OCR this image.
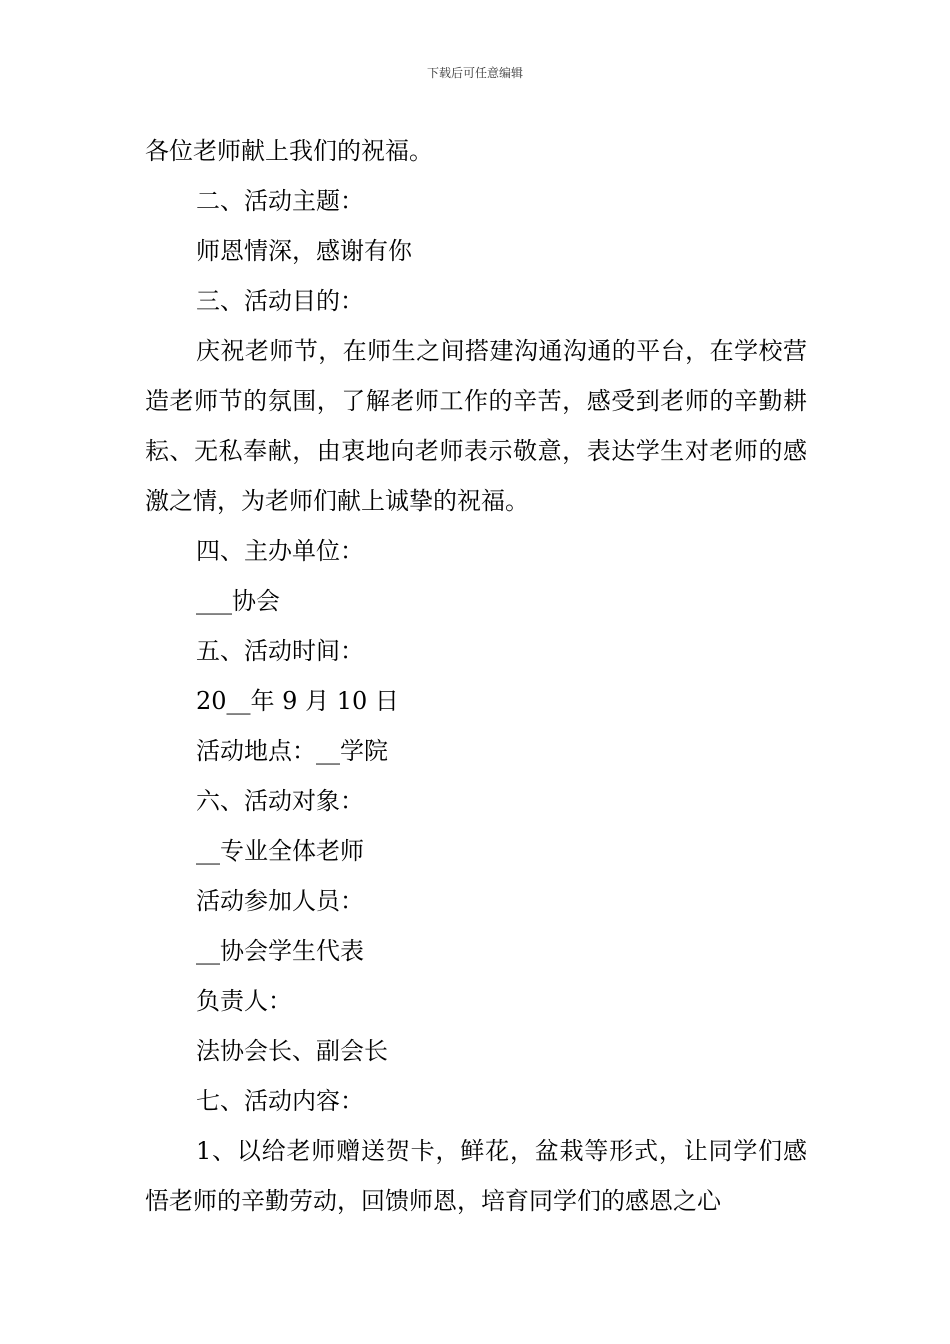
下载后可任意编辑
各位老师献上我们的祝福。
二、活动主题：
师恩情深，感谢有你
三、活动目的：

庆祝老师节，在师生之间搭建沟通沟通的平台，在学校营造老师节的氛围，了解老师工作的辛苦，感受到老师的辛勤耕耘、无私奉献，由衷地向老师表示敬意，表达学生对老师的感激之情，为老师们献上诚挚的祝福。

四、主办单位：
___协会
五、活动时间：
20__年 9 月 10 日
活动地点：__学院
六、活动对象：
__专业全体老师
活动参加人员：
__协会学生代表
负责人：
法协会长、副会长
七、活动内容：

1、以给老师赠送贺卡，鲜花，盆栽等形式，让同学们感悟老师的辛勤劳动，回馈师恩，培育同学们的感恩之心
